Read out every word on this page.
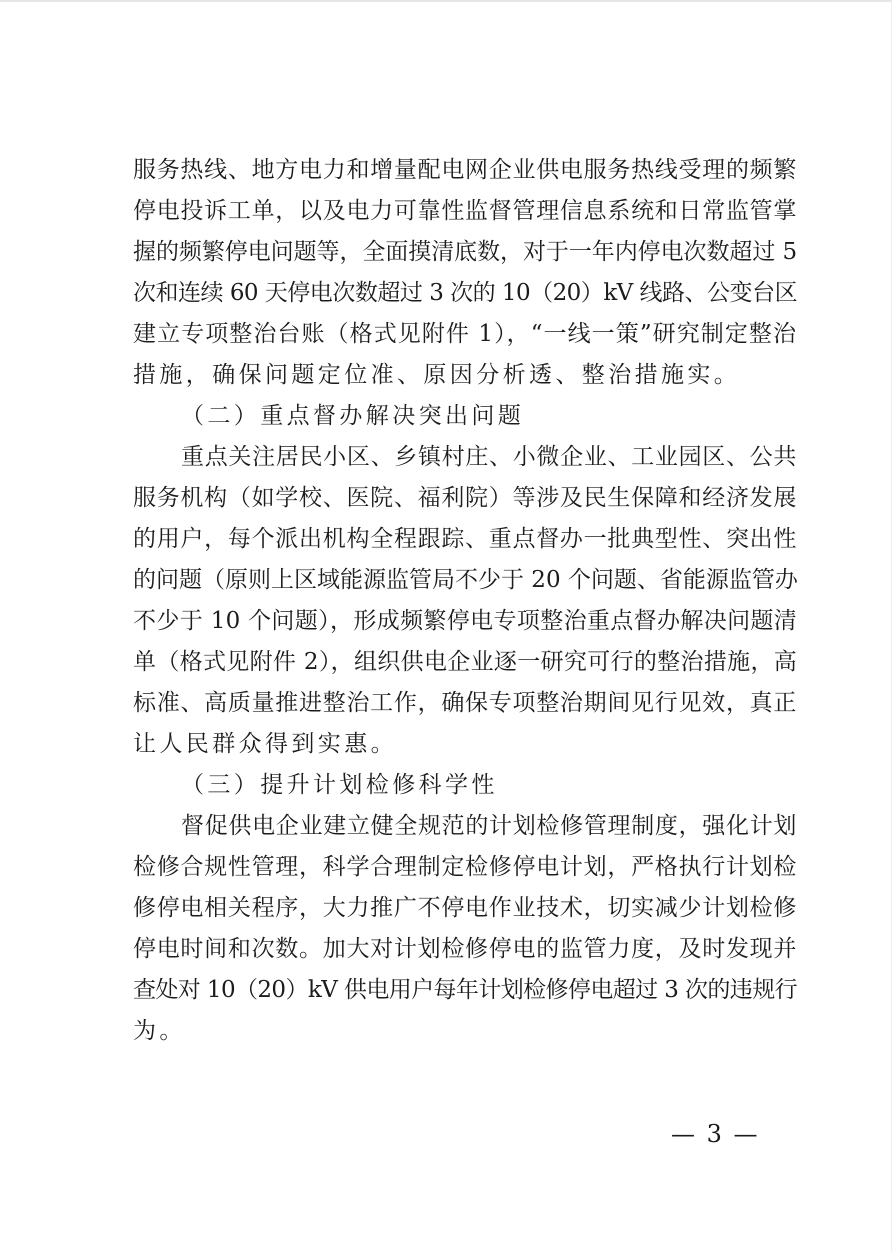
服务热线、地方电力和增量配电网企业供电服务热线受理的频繁
停电投诉工单，以及电力可靠性监督管理信息系统和日常监管掌
握的频繁停电问题等，全面摸清底数，对于一年内停电次数超过 5
次和连续 60 天停电次数超过 3 次的 10（20）kV 线路、公变台区
建立专项整治台账（格式见附件 1），“一线一策”研究制定整治
措施，确保问题定位准、原因分析透、整治措施实。
（二）重点督办解决突出问题
重点关注居民小区、乡镇村庄、小微企业、工业园区、公共
服务机构（如学校、医院、福利院）等涉及民生保障和经济发展
的用户，每个派出机构全程跟踪、重点督办一批典型性、突出性
的问题（原则上区域能源监管局不少于 20 个问题、省能源监管办
不少于 10 个问题），形成频繁停电专项整治重点督办解决问题清
单（格式见附件 2），组织供电企业逐一研究可行的整治措施，高
标准、高质量推进整治工作，确保专项整治期间见行见效，真正
让人民群众得到实惠。
（三）提升计划检修科学性
督促供电企业建立健全规范的计划检修管理制度，强化计划
检修合规性管理，科学合理制定检修停电计划，严格执行计划检
修停电相关程序，大力推广不停电作业技术，切实减少计划检修
停电时间和次数。加大对计划检修停电的监管力度，及时发现并
查处对 10（20）kV 供电用户每年计划检修停电超过 3 次的违规行
为。
— 3 —
